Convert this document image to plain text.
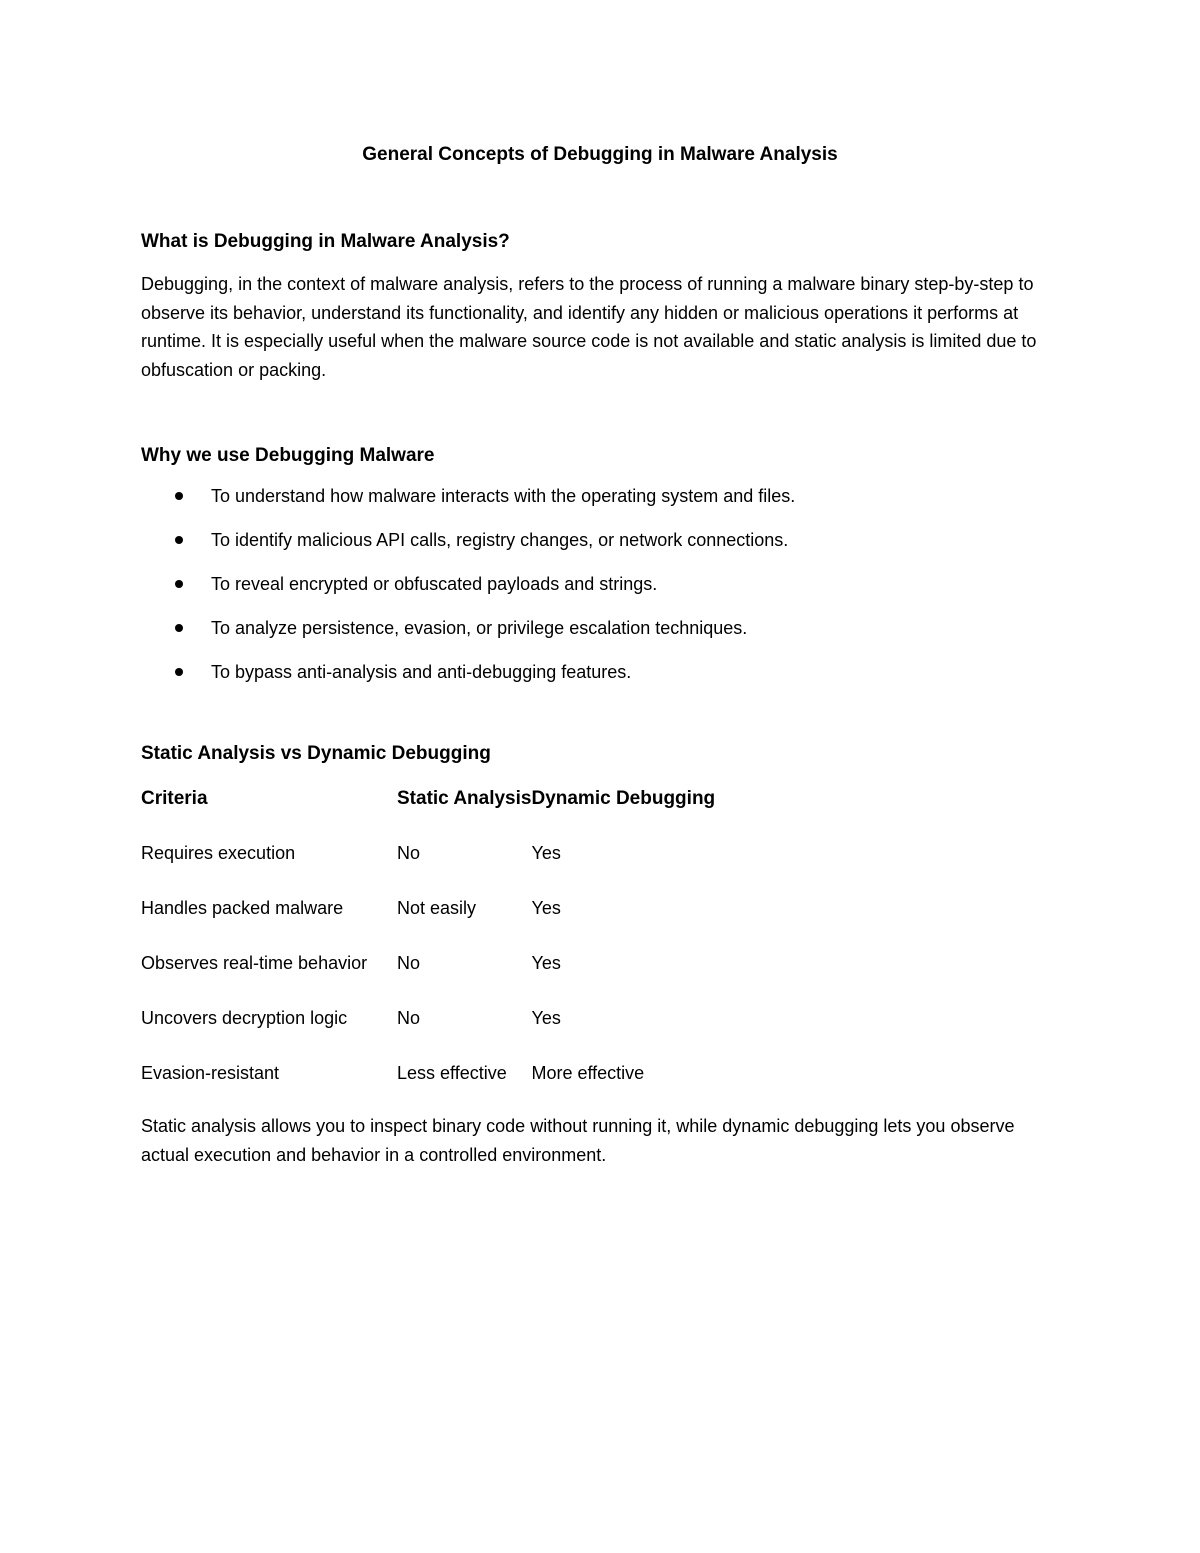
General Concepts of Debugging in Malware Analysis
What is Debugging in Malware Analysis?

Debugging, in the context of malware analysis, refers to the process of running a malware binary step-by-step to observe its behavior, understand its functionality, and identify any hidden or malicious operations it performs at runtime. It is especially useful when the malware source code is not available and static analysis is limited due to obfuscation or packing.

Why we use Debugging Malware
To understand how malware interacts with the operating system and files.
To identify malicious API calls, registry changes, or network connections.
To reveal encrypted or obfuscated payloads and strings.
To analyze persistence, evasion, or privilege escalation techniques.
To bypass anti-analysis and anti-debugging features.
Static Analysis vs Dynamic Debugging
Criteria	Static Analysis	Dynamic Debugging
Requires execution	No	Yes
Handles packed malware	Not easily	Yes
Observes real-time behavior	No	Yes
Uncovers decryption logic	No	Yes
Evasion-resistant	Less effective	More effective

Static analysis allows you to inspect binary code without running it, while dynamic debugging lets you observe actual execution and behavior in a controlled environment.
